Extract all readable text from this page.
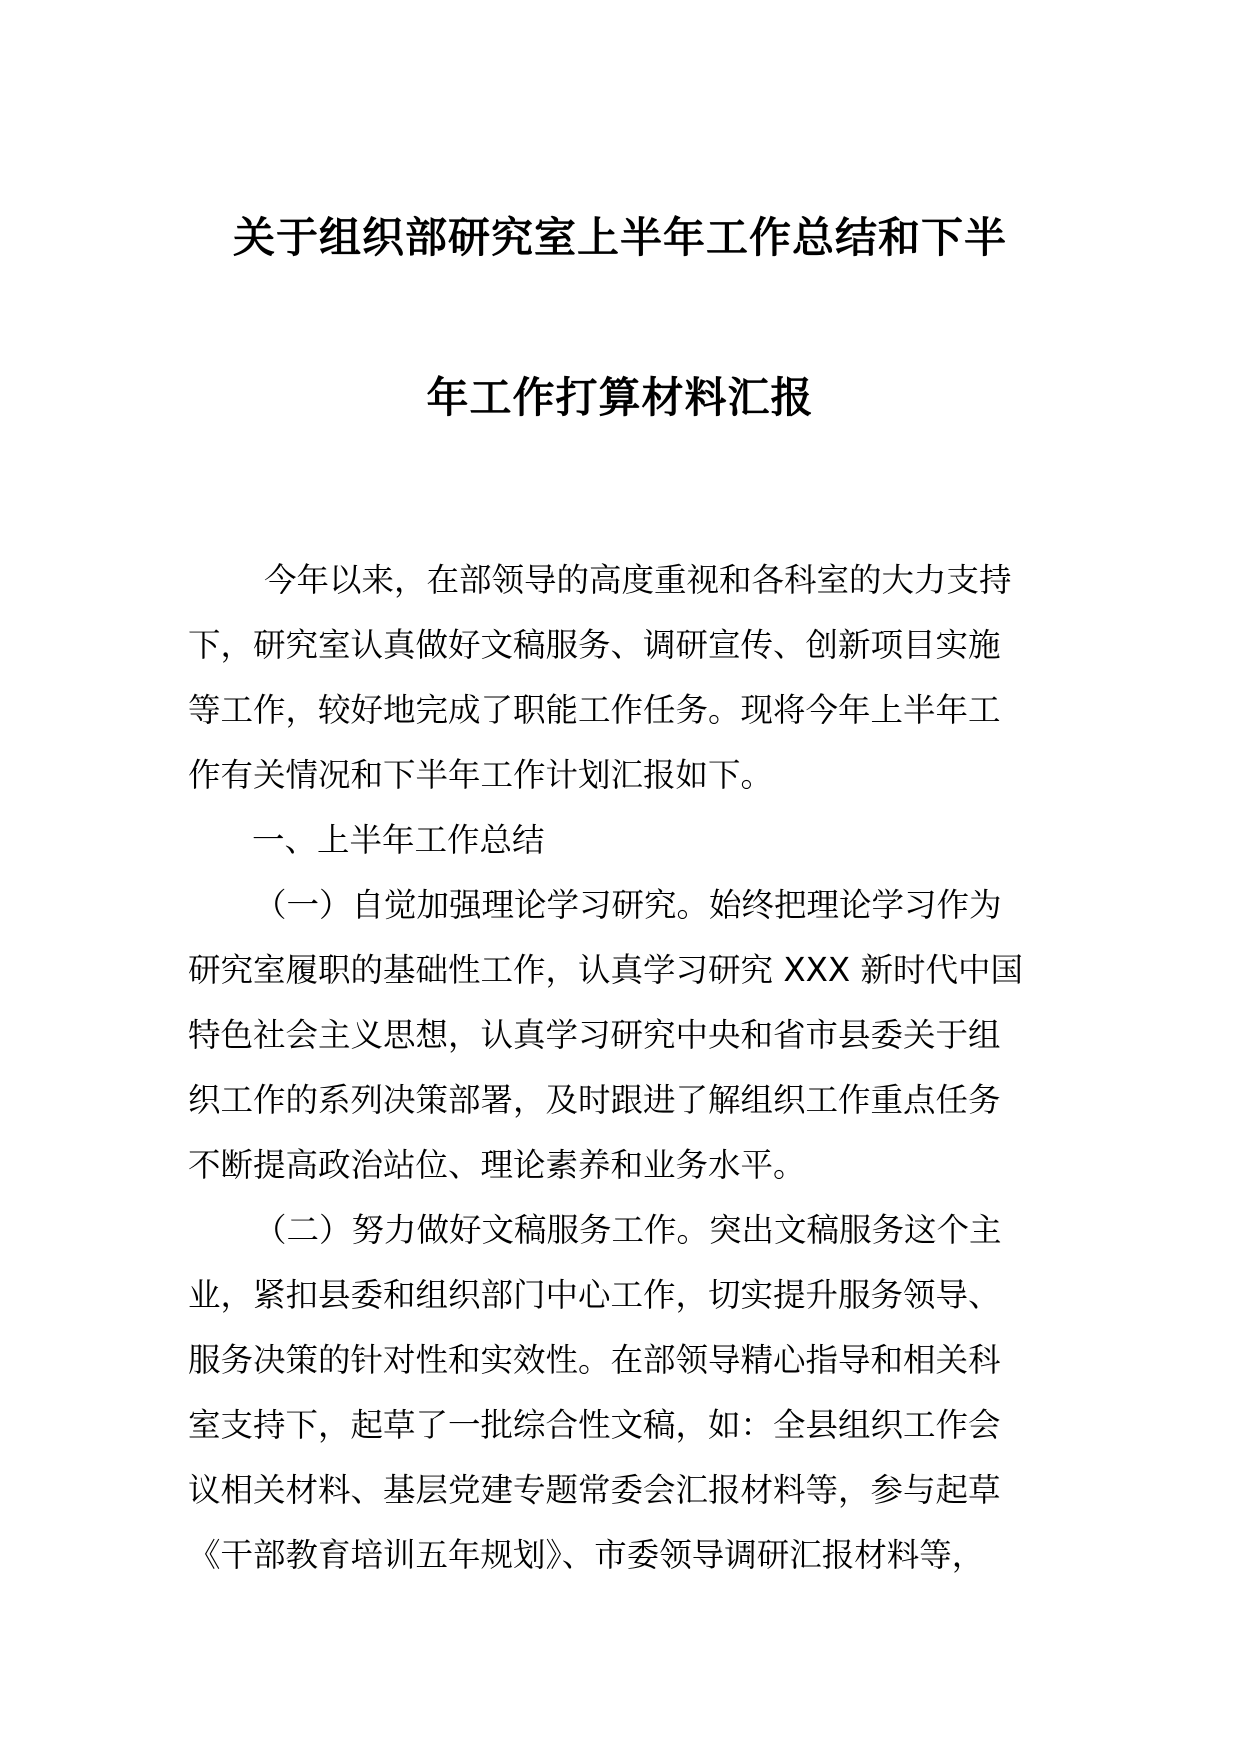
关于组织部研究室上半年工作总结和下半
年工作打算材料汇报
今年以来，在部领导的高度重视和各科室的大力支持
下，研究室认真做好文稿服务、调研宣传、创新项目实施
等工作，较好地完成了职能工作任务。现将今年上半年工
作有关情况和下半年工作计划汇报如下。
一、上半年工作总结
（一）自觉加强理论学习研究。始终把理论学习作为
研究室履职的基础性工作，认真学习研究 XXX 新时代中国
特色社会主义思想，认真学习研究中央和省市县委关于组
织工作的系列决策部署，及时跟进了解组织工作重点任务
不断提高政治站位、理论素养和业务水平。
（二）努力做好文稿服务工作。突出文稿服务这个主
业，紧扣县委和组织部门中心工作，切实提升服务领导、
服务决策的针对性和实效性。在部领导精心指导和相关科
室支持下，起草了一批综合性文稿，如：全县组织工作会
议相关材料、基层党建专题常委会汇报材料等，参与起草
《干部教育培训五年规划》、市委领导调研汇报材料等，
